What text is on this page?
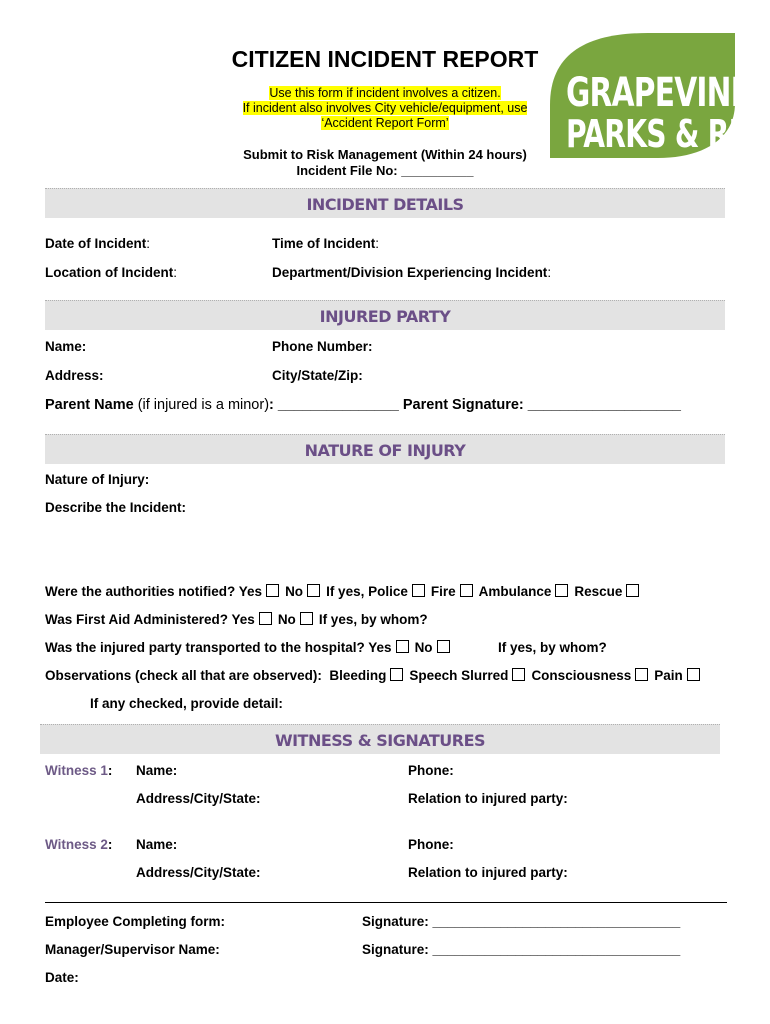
CITIZEN INCIDENT REPORT
Use this form if incident involves a citizen.
If incident also involves City vehicle/equipment, use
‘Accident Report Form’
Submit to Risk Management (Within 24 hours)
Incident File No: __________
GRAPEVINE
PARKS & REC
INCIDENT DETAILS
Date of Incident:	Time of Incident:
Location of Incident:	Department/Division Experiencing Incident:
INJURED PARTY
Name:	Phone Number:
Address:	City/State/Zip:
Parent Name (if injured is a minor): _______________ Parent Signature: ___________________
NATURE OF INJURY
Nature of Injury:
Describe the Incident:
Were the authorities notified? Yes No If yes, Police Fire Ambulance Rescue
Was First Aid Administered? Yes No If yes, by whom?
Was the injured party transported to the hospital? Yes No	If yes, by whom?
Observations (check all that are observed): Bleeding Speech Slurred Consciousness Pain
If any checked, provide detail:
WITNESS & SIGNATURES
Witness 1: Name:	Phone:
Address/City/State:	Relation to injured party:
Witness 2: Name:	Phone:
Address/City/State:	Relation to injured party:
Employee Completing form:	Signature: _________________________________
Manager/Supervisor Name:	Signature: _________________________________
Date:
